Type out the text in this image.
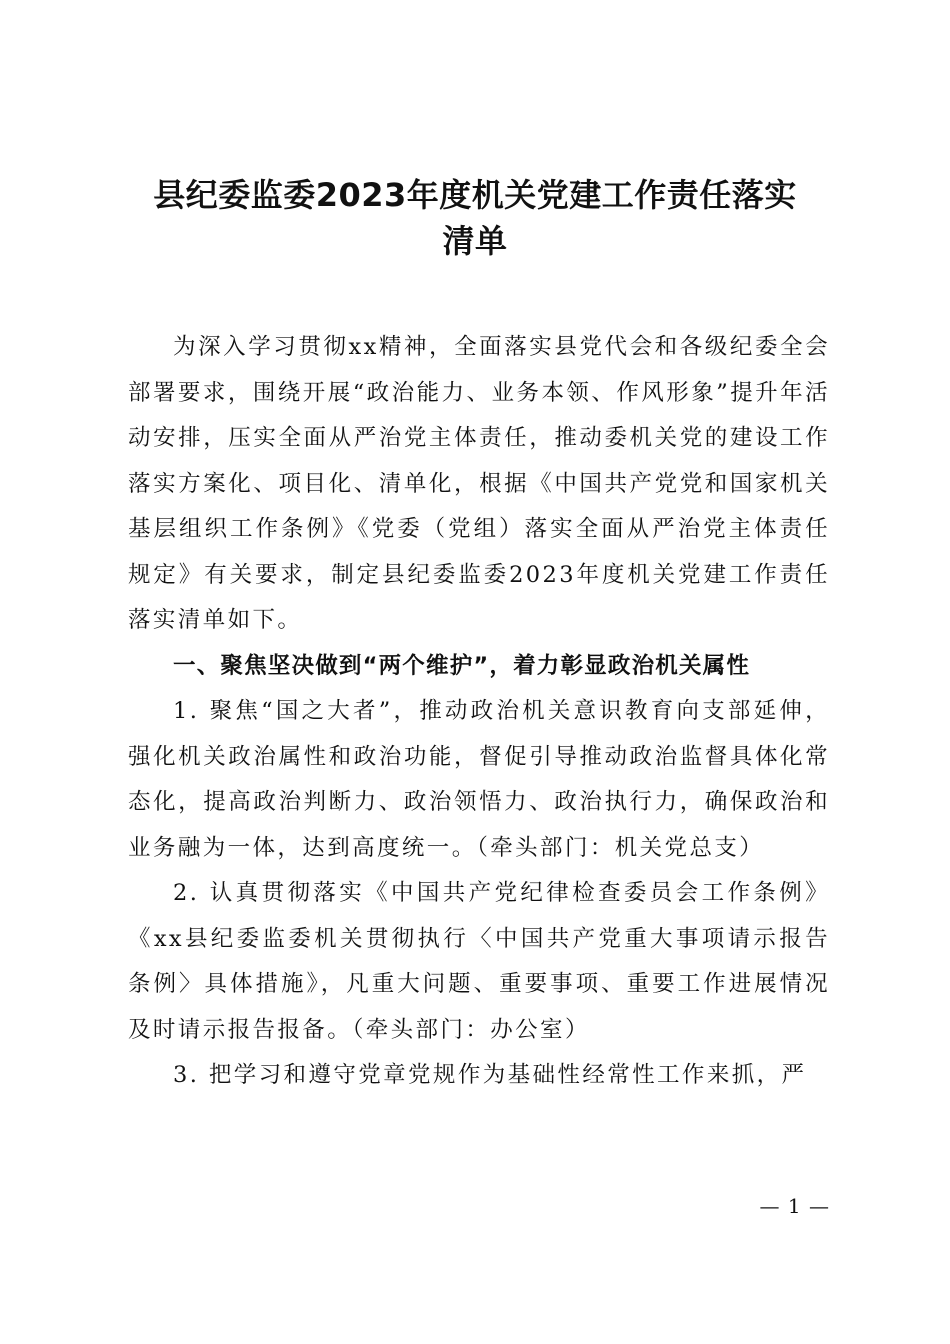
县纪委监委2023年度机关党建工作责任落实
清单

为深入学习贯彻xx精神，全面落实县党代会和各级纪委全会部署要求，围绕开展“政治能力、业务本领、作风形象”提升年活动安排，压实全面从严治党主体责任，推动委机关党的建设工作落实方案化、项目化、清单化，根据《中国共产党党和国家机关基层组织工作条例》《党委（党组）落实全面从严治党主体责任规定》有关要求，制定县纪委监委2023年度机关党建工作责任落实清单如下。

一、聚焦坚决做到“两个维护”，着力彰显政治机关属性

1. 聚焦“国之大者”，推动政治机关意识教育向支部延伸，强化机关政治属性和政治功能，督促引导推动政治监督具体化常态化，提高政治判断力、政治领悟力、政治执行力，确保政治和业务融为一体，达到高度统一。（牵头部门：机关党总支）

2. 认真贯彻落实《中国共产党纪律检查委员会工作条例》《xx县纪委监委机关贯彻执行〈中国共产党重大事项请示报告条例〉具体措施》，凡重大问题、重要事项、重要工作进展情况及时请示报告报备。（牵头部门：办公室）

3. 把学习和遵守党章党规作为基础性经常性工作来抓，严

— 1 —
